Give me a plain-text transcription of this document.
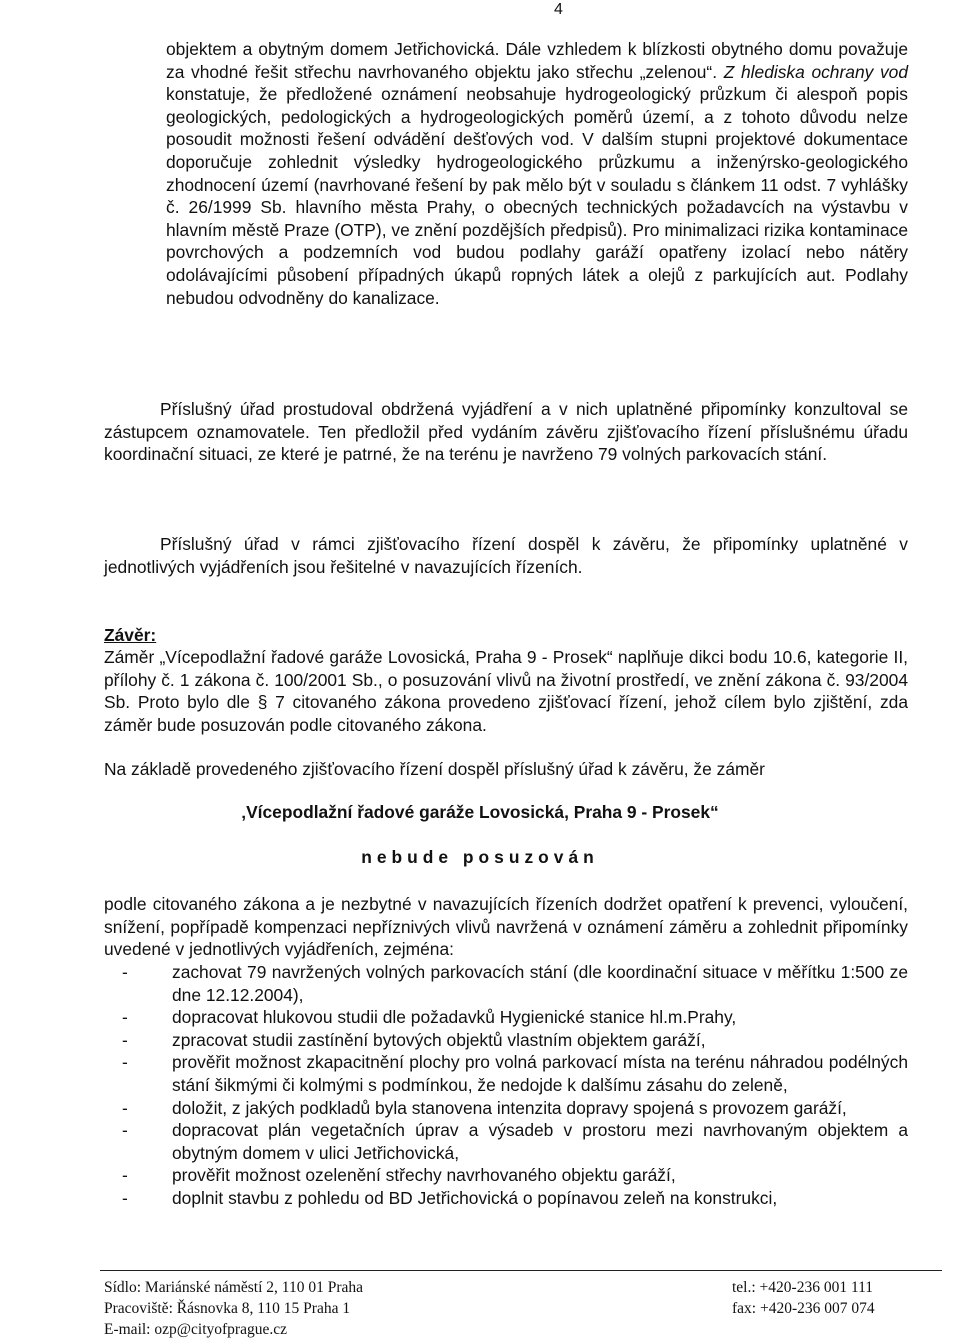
4

objektem a obytným domem Jetřichovická. Dále vzhledem k blízkosti obytného domu považuje za vhodné řešit střechu navrhovaného objektu jako střechu „zelenou“. Z hlediska ochrany vod konstatuje, že předložené oznámení neobsahuje hydrogeologický průzkum či alespoň popis geologických, pedologických a hydrogeologických poměrů území, a z tohoto důvodu nelze posoudit možnosti řešení odvádění dešťových vod. V dalším stupni projektové dokumentace doporučuje zohlednit výsledky hydrogeologického průzkumu a inženýrsko-geologického zhodnocení území (navrhované řešení by pak mělo být v souladu s článkem 11 odst. 7 vyhlášky č. 26/1999 Sb. hlavního města Prahy, o obecných technických požadavcích na výstavbu v hlavním městě Praze (OTP), ve znění pozdějších předpisů). Pro minimalizaci rizika kontaminace povrchových a podzemních vod budou podlahy garáží opatřeny izolací nebo nátěry odolávajícími působení případných úkapů ropných látek a olejů z parkujících aut. Podlahy nebudou odvodněny do kanalizace.

Příslušný úřad prostudoval obdržená vyjádření a v nich uplatněné připomínky konzultoval se zástupcem oznamovatele. Ten předložil před vydáním závěru zjišťovacího řízení příslušnému úřadu koordinační situaci, ze které je patrné, že na terénu je navrženo 79 volných parkovacích stání.

Příslušný úřad v rámci zjišťovacího řízení dospěl k závěru, že připomínky uplatněné v jednotlivých vyjádřeních jsou řešitelné v navazujících řízeních.

Závěr:

Záměr „Vícepodlažní řadové garáže Lovosická, Praha 9 - Prosek“ naplňuje dikci bodu 10.6, kategorie II, přílohy č. 1 zákona č. 100/2001 Sb., o posuzování vlivů na životní prostředí, ve znění zákona č. 93/2004 Sb. Proto bylo dle § 7 citovaného zákona provedeno zjišťovací řízení, jehož cílem bylo zjištění, zda záměr bude posuzován podle citovaného zákona.

Na základě provedeného zjišťovacího řízení dospěl příslušný úřad k závěru, že záměr

‚Vícepodlažní řadové garáže Lovosická, Praha 9 - Prosek“

nebude posuzován

podle citovaného zákona a je nezbytné v navazujících řízeních dodržet opatření k prevenci, vyloučení, snížení, popřípadě kompenzaci nepříznivých vlivů navržená v oznámení záměru a zohlednit připomínky uvedené v jednotlivých vyjádřeních, zejména:

-	zachovat 79 navržených volných parkovacích stání (dle koordinační situace v měřítku 1:500 ze dne 12.12.2004),
-	dopracovat hlukovou studii dle požadavků Hygienické stanice hl.m.Prahy,
-	zpracovat studii zastínění bytových objektů vlastním objektem garáží,
-	prověřit možnost zkapacitnění plochy pro volná parkovací místa na terénu náhradou podélných stání šikmými či kolmými s podmínkou, že nedojde k dalšímu zásahu do zeleně,
-	doložit, z jakých podkladů byla stanovena intenzita dopravy spojená s provozem garáží,
-	dopracovat plán vegetačních úprav a výsadeb v prostoru mezi navrhovaným objektem a obytným domem v ulici Jetřichovická,
-	prověřit možnost ozelenění střechy navrhovaného objektu garáží,
-	doplnit stavbu z pohledu od BD Jetřichovická o popínavou zeleň na konstrukci,
Sídlo: Mariánské náměstí 2, 110 01 Praha
Pracoviště: Řásnovka 8, 110 15 Praha 1
E-mail: ozp@cityofprague.cz
tel.: +420-236 001 111
fax: +420-236 007 074
